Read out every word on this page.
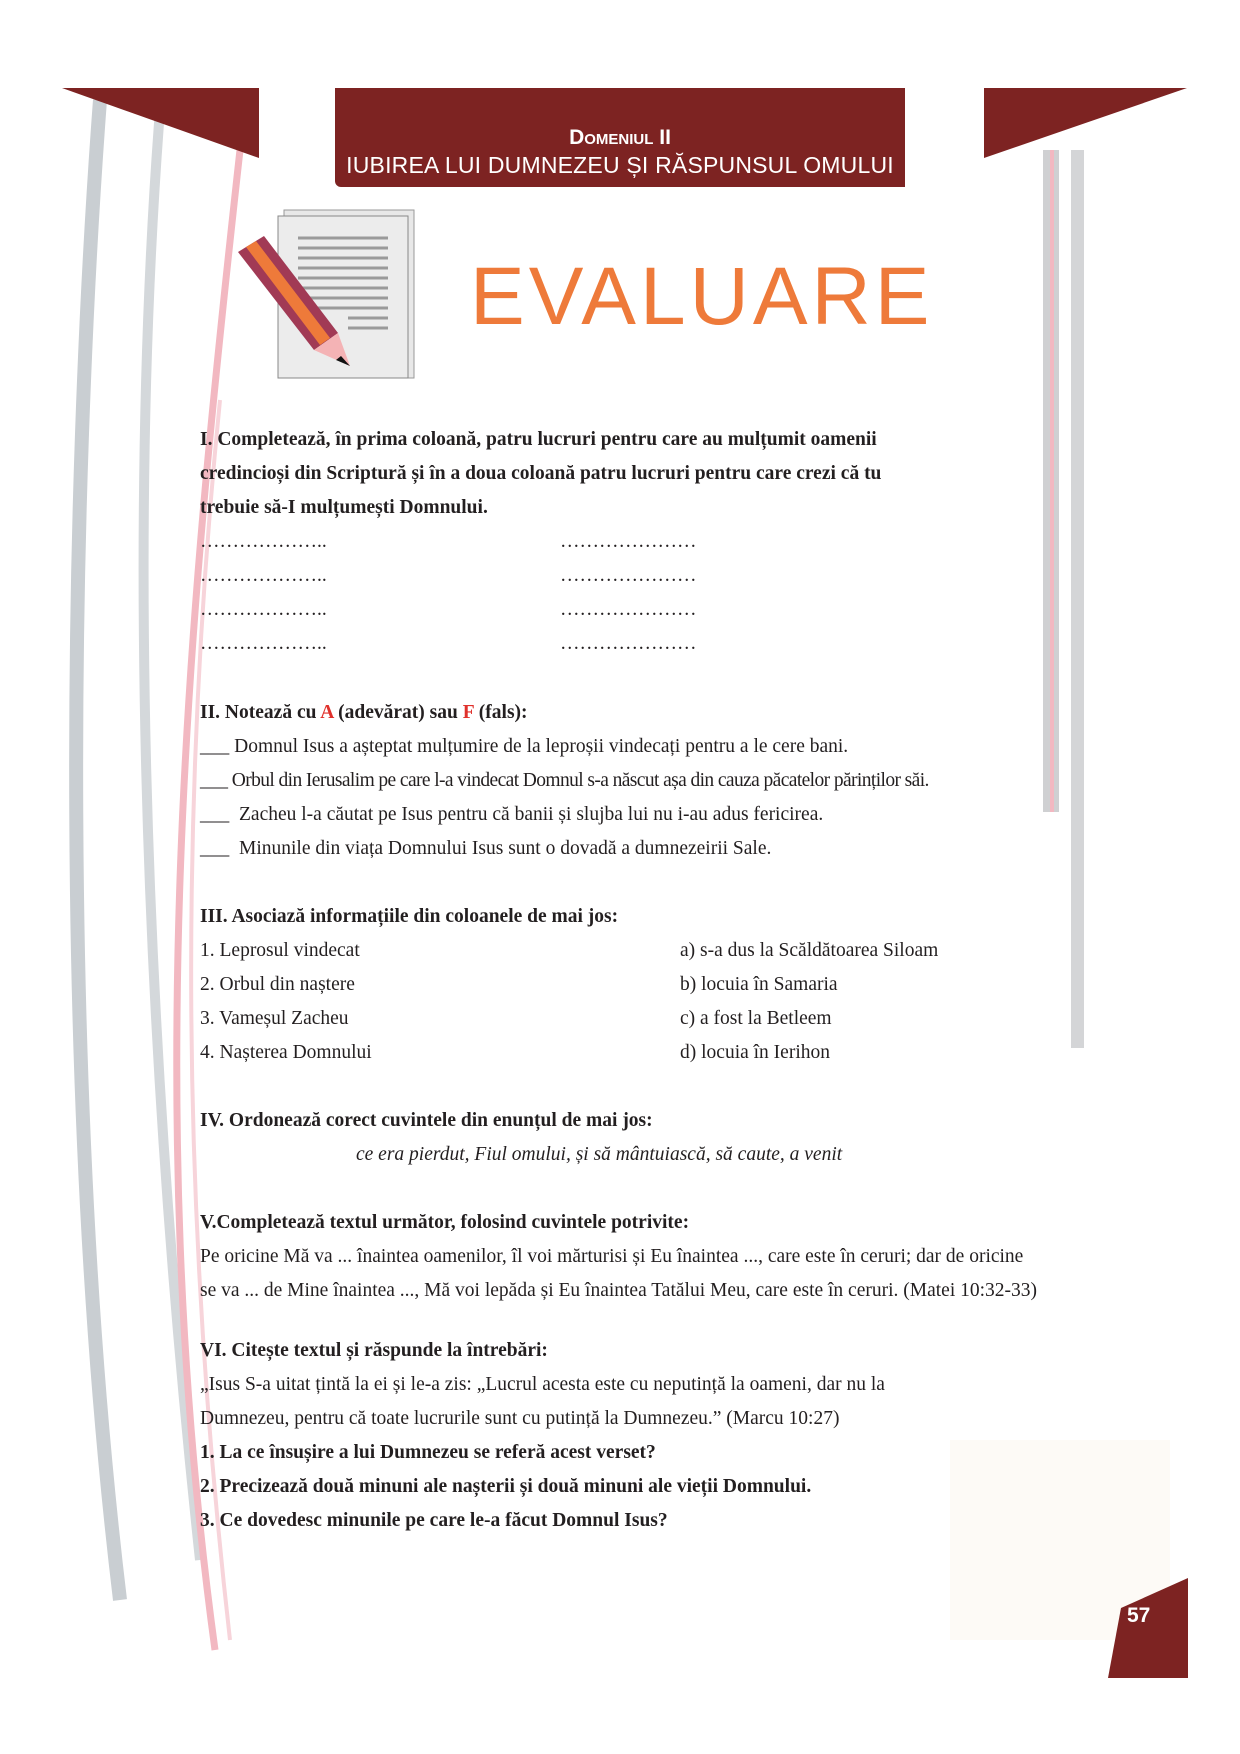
Domeniul II
IUBIREA LUI DUMNEZEU ȘI RĂSPUNSUL OMULUI
EVALUARE
I. Completează, în prima coloană, patru lucruri pentru care au mulțumit oamenii
credincioși din Scriptură și în a doua coloană patru lucruri pentru care crezi că tu
trebuie să-I mulțumești Domnului.
………………..
………………..
………………..
………………..
…………………
…………………
…………………
…………………
II. Notează cu A (adevărat) sau F (fals):
___ Domnul Isus a așteptat mulțumire de la leproșii vindecați pentru a le cere bani.
___ Orbul din Ierusalim pe care l-a vindecat Domnul s-a născut așa din cauza păcatelor părinților săi.
___ Zacheu l-a căutat pe Isus pentru că banii și slujba lui nu i-au adus fericirea.
___ Minunile din viața Domnului Isus sunt o dovadă a dumnezeirii Sale.
III. Asociază informațiile din coloanele de mai jos:
1. Leprosul vindecat
2. Orbul din naștere
3. Vameșul Zacheu
4. Nașterea Domnului
a) s-a dus la Scăldătoarea Siloam
b) locuia în Samaria
c) a fost la Betleem
d) locuia în Ierihon
IV. Ordonează corect cuvintele din enunțul de mai jos:
ce era pierdut, Fiul omului, și să mântuiască, să caute, a venit
V.Completează textul următor, folosind cuvintele potrivite:
Pe oricine Mă va ... înaintea oamenilor, îl voi mărturisi și Eu înaintea ..., care este în ceruri; dar de oricine
se va ... de Mine înaintea ..., Mă voi lepăda și Eu înaintea Tatălui Meu, care este în ceruri. (Matei 10:32-33)
VI. Citește textul și răspunde la întrebări:
„Isus S-a uitat țintă la ei și le-a zis: „Lucrul acesta este cu neputință la oameni, dar nu la
Dumnezeu, pentru că toate lucrurile sunt cu putință la Dumnezeu.” (Marcu 10:27)
1. La ce însușire a lui Dumnezeu se referă acest verset?
2. Precizează două minuni ale nașterii și două minuni ale vieții Domnului.
3. Ce dovedesc minunile pe care le-a făcut Domnul Isus?
57
